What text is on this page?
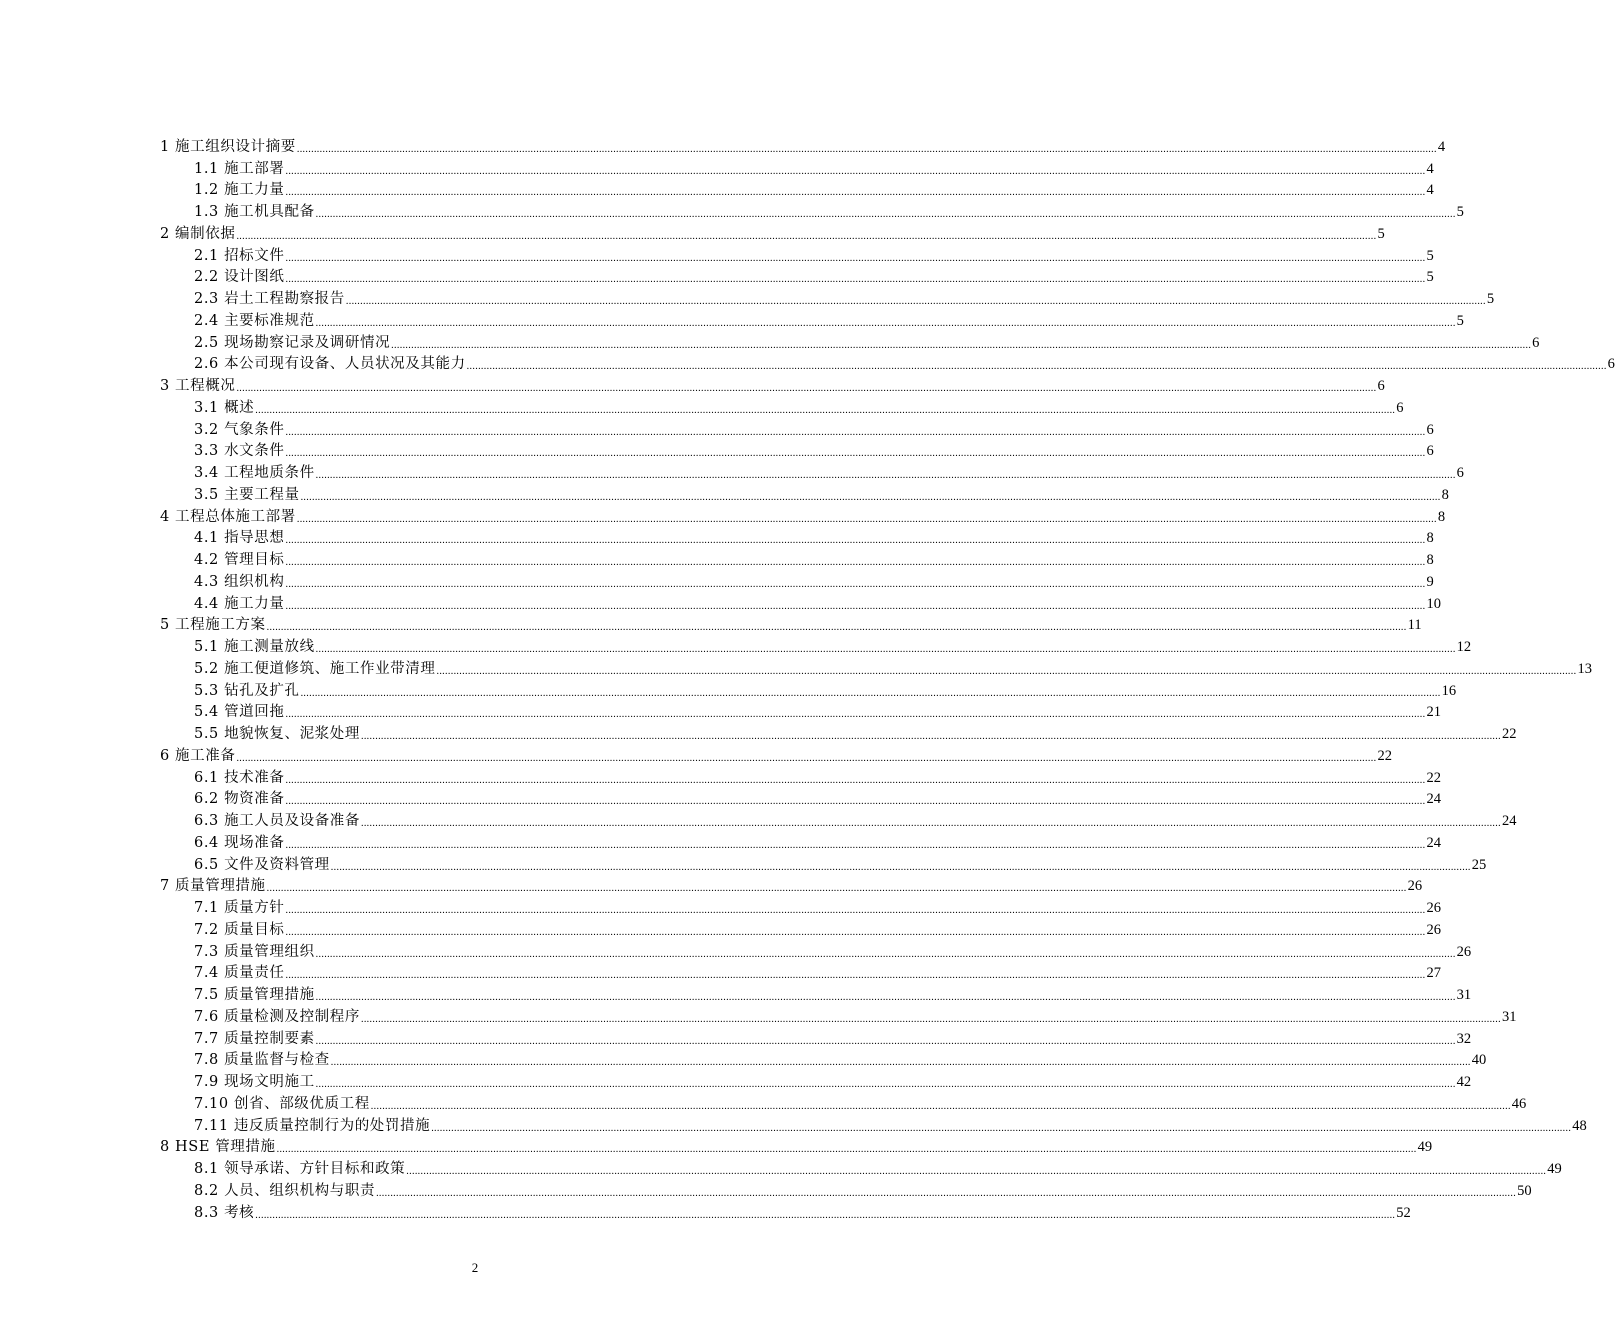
1 施工组织设计摘要 ................................................................................................................................................................................................................................................................................................................................................................................................................ 4
1.1 施工部署 ................................................................................................................................................................................................................................................................................................................................................................................................................ 4
1.2 施工力量 ................................................................................................................................................................................................................................................................................................................................................................................................................ 4
1.3 施工机具配备 ................................................................................................................................................................................................................................................................................................................................................................................................................ 5
2 编制依据 ................................................................................................................................................................................................................................................................................................................................................................................................................ 5
2.1 招标文件 ................................................................................................................................................................................................................................................................................................................................................................................................................ 5
2.2 设计图纸 ................................................................................................................................................................................................................................................................................................................................................................................................................ 5
2.3 岩土工程勘察报告 ................................................................................................................................................................................................................................................................................................................................................................................................................ 5
2.4 主要标准规范 ................................................................................................................................................................................................................................................................................................................................................................................................................ 5
2.5 现场勘察记录及调研情况 ................................................................................................................................................................................................................................................................................................................................................................................................................ 6
2.6 本公司现有设备、人员状况及其能力 ................................................................................................................................................................................................................................................................................................................................................................................................................ 6
3 工程概况 ................................................................................................................................................................................................................................................................................................................................................................................................................ 6
3.1 概述 ................................................................................................................................................................................................................................................................................................................................................................................................................ 6
3.2 气象条件 ................................................................................................................................................................................................................................................................................................................................................................................................................ 6
3.3 水文条件 ................................................................................................................................................................................................................................................................................................................................................................................................................ 6
3.4 工程地质条件 ................................................................................................................................................................................................................................................................................................................................................................................................................ 6
3.5 主要工程量 ................................................................................................................................................................................................................................................................................................................................................................................................................ 8
4 工程总体施工部署 ................................................................................................................................................................................................................................................................................................................................................................................................................ 8
4.1 指导思想 ................................................................................................................................................................................................................................................................................................................................................................................................................ 8
4.2 管理目标 ................................................................................................................................................................................................................................................................................................................................................................................................................ 8
4.3 组织机构 ................................................................................................................................................................................................................................................................................................................................................................................................................ 9
4.4 施工力量 ................................................................................................................................................................................................................................................................................................................................................................................................................ 10
5 工程施工方案 ................................................................................................................................................................................................................................................................................................................................................................................................................ 11
5.1 施工测量放线 ................................................................................................................................................................................................................................................................................................................................................................................................................ 12
5.2 施工便道修筑、施工作业带清理 ................................................................................................................................................................................................................................................................................................................................................................................................................ 13
5.3 钻孔及扩孔 ................................................................................................................................................................................................................................................................................................................................................................................................................ 16
5.4 管道回拖 ................................................................................................................................................................................................................................................................................................................................................................................................................ 21
5.5 地貌恢复、泥浆处理 ................................................................................................................................................................................................................................................................................................................................................................................................................ 22
6 施工准备 ................................................................................................................................................................................................................................................................................................................................................................................................................ 22
6.1 技术准备 ................................................................................................................................................................................................................................................................................................................................................................................................................ 22
6.2 物资准备 ................................................................................................................................................................................................................................................................................................................................................................................................................ 24
6.3 施工人员及设备准备 ................................................................................................................................................................................................................................................................................................................................................................................................................ 24
6.4 现场准备 ................................................................................................................................................................................................................................................................................................................................................................................................................ 24
6.5 文件及资料管理 ................................................................................................................................................................................................................................................................................................................................................................................................................ 25
7 质量管理措施 ................................................................................................................................................................................................................................................................................................................................................................................................................ 26
7.1 质量方针 ................................................................................................................................................................................................................................................................................................................................................................................................................ 26
7.2 质量目标 ................................................................................................................................................................................................................................................................................................................................................................................................................ 26
7.3 质量管理组织 ................................................................................................................................................................................................................................................................................................................................................................................................................ 26
7.4 质量责任 ................................................................................................................................................................................................................................................................................................................................................................................................................ 27
7.5 质量管理措施 ................................................................................................................................................................................................................................................................................................................................................................................................................ 31
7.6 质量检测及控制程序 ................................................................................................................................................................................................................................................................................................................................................................................................................ 31
7.7 质量控制要素 ................................................................................................................................................................................................................................................................................................................................................................................................................ 32
7.8 质量监督与检查 ................................................................................................................................................................................................................................................................................................................................................................................................................ 40
7.9 现场文明施工 ................................................................................................................................................................................................................................................................................................................................................................................................................ 42
7.10 创省、部级优质工程 ................................................................................................................................................................................................................................................................................................................................................................................................................ 46
7.11 违反质量控制行为的处罚措施 ................................................................................................................................................................................................................................................................................................................................................................................................................ 48
8 HSE 管理措施 ................................................................................................................................................................................................................................................................................................................................................................................................................ 49
8.1 领导承诺、方针目标和政策 ................................................................................................................................................................................................................................................................................................................................................................................................................ 49
8.2 人员、组织机构与职责 ................................................................................................................................................................................................................................................................................................................................................................................................................ 50
8.3 考核 ................................................................................................................................................................................................................................................................................................................................................................................................................ 52
2
